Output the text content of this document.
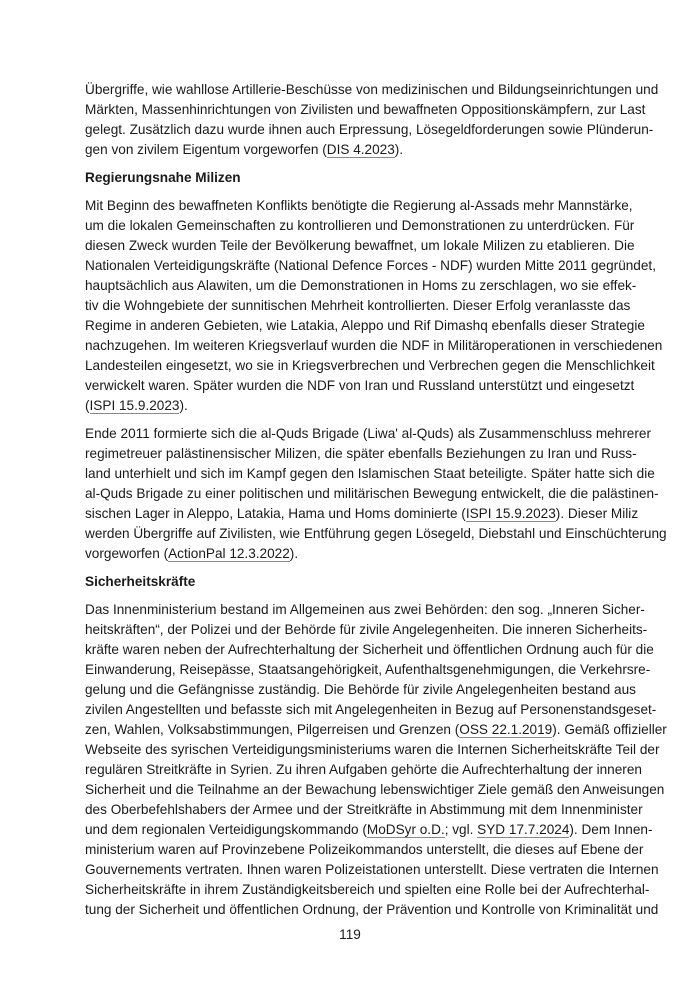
Übergriffe, wie wahllose Artillerie-Beschüsse von medizinischen und Bildungseinrichtungen und
Märkten, Massenhinrichtungen von Zivilisten und bewaffneten Oppositionskämpfern, zur Last
gelegt. Zusätzlich dazu wurde ihnen auch Erpressung, Lösegeldforderungen sowie Plünderun-
gen von zivilem Eigentum vorgeworfen (DIS 4.2023).
Regierungsnahe Milizen
Mit Beginn des bewaffneten Konflikts benötigte die Regierung al-Assads mehr Mannstärke,
um die lokalen Gemeinschaften zu kontrollieren und Demonstrationen zu unterdrücken. Für
diesen Zweck wurden Teile der Bevölkerung bewaffnet, um lokale Milizen zu etablieren. Die
Nationalen Verteidigungskräfte (National Defence Forces - NDF) wurden Mitte 2011 gegründet,
hauptsächlich aus Alawiten, um die Demonstrationen in Homs zu zerschlagen, wo sie effek-
tiv die Wohngebiete der sunnitischen Mehrheit kontrollierten. Dieser Erfolg veranlasste das
Regime in anderen Gebieten, wie Latakia, Aleppo und Rif Dimashq ebenfalls dieser Strategie
nachzugehen. Im weiteren Kriegsverlauf wurden die NDF in Militäroperationen in verschiedenen
Landesteilen eingesetzt, wo sie in Kriegsverbrechen und Verbrechen gegen die Menschlichkeit
verwickelt waren. Später wurden die NDF von Iran und Russland unterstützt und eingesetzt
(ISPI 15.9.2023).
Ende 2011 formierte sich die al-Quds Brigade (Liwa' al-Quds) als Zusammenschluss mehrerer
regimetreuer palästinensischer Milizen, die später ebenfalls Beziehungen zu Iran und Russ-
land unterhielt und sich im Kampf gegen den Islamischen Staat beteiligte. Später hatte sich die
al-Quds Brigade zu einer politischen und militärischen Bewegung entwickelt, die die palästinen-
sischen Lager in Aleppo, Latakia, Hama und Homs dominierte (ISPI 15.9.2023). Dieser Miliz
werden Übergriffe auf Zivilisten, wie Entführung gegen Lösegeld, Diebstahl und Einschüchterung
vorgeworfen (ActionPal 12.3.2022).
Sicherheitskräfte
Das Innenministerium bestand im Allgemeinen aus zwei Behörden: den sog. „Inneren Sicher-
heitskräften“, der Polizei und der Behörde für zivile Angelegenheiten. Die inneren Sicherheits-
kräfte waren neben der Aufrechterhaltung der Sicherheit und öffentlichen Ordnung auch für die
Einwanderung, Reisepässe, Staatsangehörigkeit, Aufenthaltsgenehmigungen, die Verkehrsre-
gelung und die Gefängnisse zuständig. Die Behörde für zivile Angelegenheiten bestand aus
zivilen Angestellten und befasste sich mit Angelegenheiten in Bezug auf Personenstandsgeset-
zen, Wahlen, Volksabstimmungen, Pilgerreisen und Grenzen (OSS 22.1.2019). Gemäß offizieller
Webseite des syrischen Verteidigungsministeriums waren die Internen Sicherheitskräfte Teil der
regulären Streitkräfte in Syrien. Zu ihren Aufgaben gehörte die Aufrechterhaltung der inneren
Sicherheit und die Teilnahme an der Bewachung lebenswichtiger Ziele gemäß den Anweisungen
des Oberbefehlshabers der Armee und der Streitkräfte in Abstimmung mit dem Innenminister
und dem regionalen Verteidigungskommando (MoDSyr o.D.; vgl. SYD 17.7.2024). Dem Innen-
ministerium waren auf Provinzebene Polizeikommandos unterstellt, die dieses auf Ebene der
Gouvernements vertraten. Ihnen waren Polizeistationen unterstellt. Diese vertraten die Internen
Sicherheitskräfte in ihrem Zuständigkeitsbereich und spielten eine Rolle bei der Aufrechterhal-
tung der Sicherheit und öffentlichen Ordnung, der Prävention und Kontrolle von Kriminalität und
119
